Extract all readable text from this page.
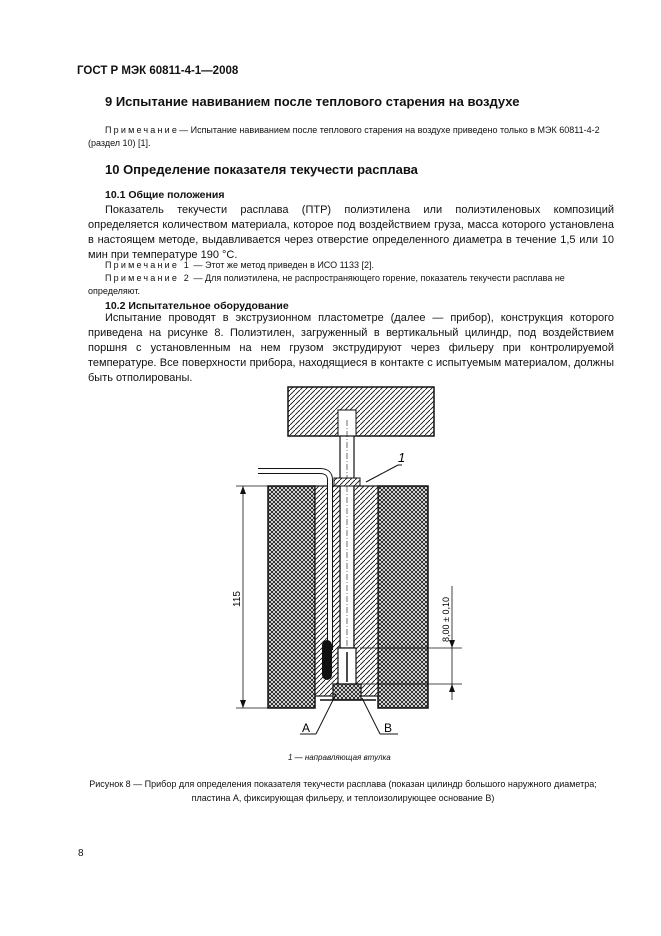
ГОСТ Р МЭК 60811-4-1—2008
9 Испытание навиванием после теплового старения на воздухе
Примечание— Испытание навиванием после теплового старения на воздухе приведено только в МЭК 60811-4-2 (раздел 10) [1].
10 Определение показателя текучести расплава
10.1 Общие положения
Показатель текучести расплава (ПТР) полиэтилена или полиэтиленовых композиций определяется количеством материала, которое под воздействием груза, масса которого установлена в настоящем методе, выдавливается через отверстие определенного диаметра в течение 1,5 или 10 мин при температуре 190 °С.
Примечание 1 — Этот же метод приведен в ИСО 1133 [2].
Примечание 2 — Для полиэтилена, не распространяющего горение, показатель текучести расплава не определяют.
10.2 Испытательное оборудование
Испытание проводят в экструзионном пластометре (далее — прибор), конструкция которого приведена на рисунке 8. Полиэтилен, загруженный в вертикальный цилиндр, под воздействием поршня с установленным на нем грузом экструдируют через фильеру при контролируемой температуре. Все поверхности прибора, находящиеся в контакте с испытуемым материалом, должны быть отполированы.
1
115	8,00 ± 0,10
А	В
1 — направляющая втулка
Рисунок 8 — Прибор для определения показателя текучести расплава (показан цилиндр большого наружного диаметра; пластина А, фиксирующая фильеру, и теплоизолирующее основание В)
8
